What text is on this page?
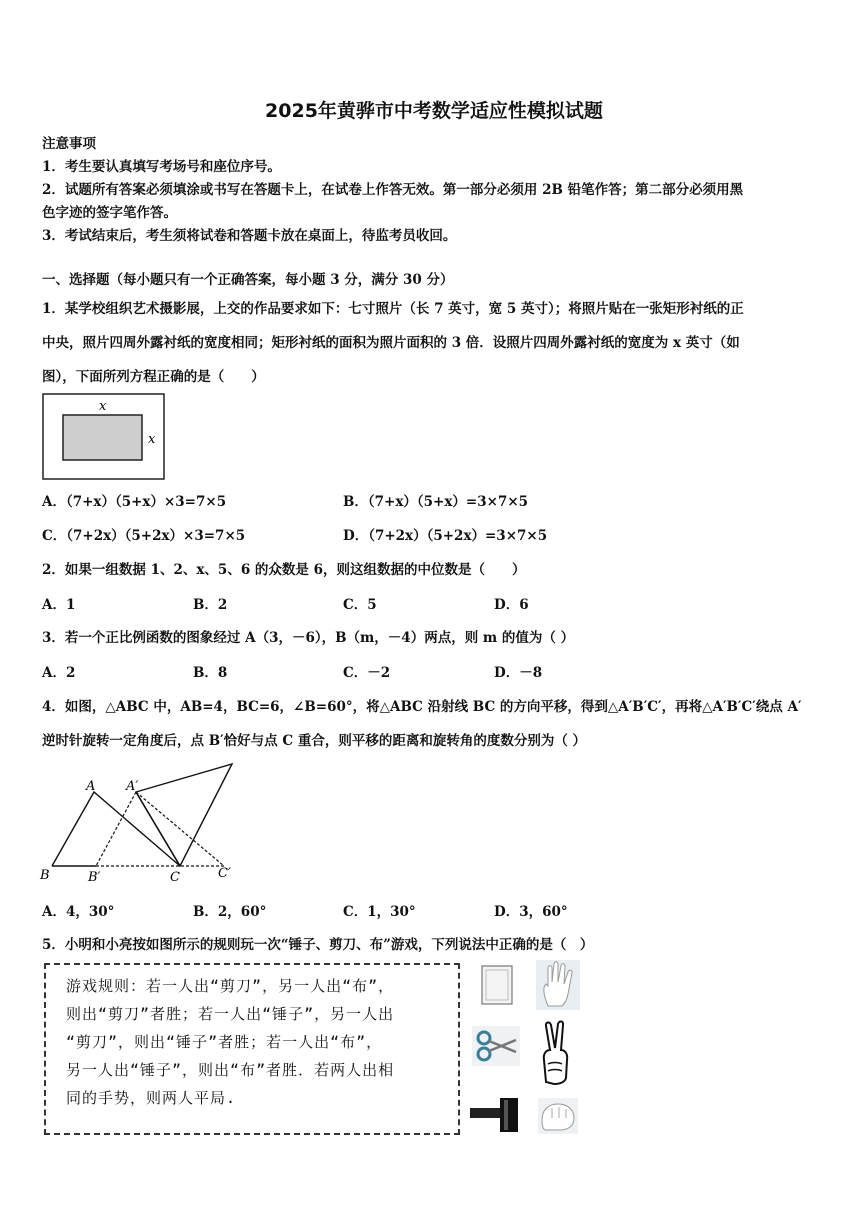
2025年黄骅市中考数学适应性模拟试题
注意事项
1．考生要认真填写考场号和座位序号。
2．试题所有答案必须填涂或书写在答题卡上，在试卷上作答无效。第一部分必须用 2B 铅笔作答；第二部分必须用黑
色字迹的签字笔作答。
3．考试结束后，考生须将试卷和答题卡放在桌面上，待监考员收回。
一、选择题（每小题只有一个正确答案，每小题 3 分，满分 30 分）
1．某学校组织艺术摄影展，上交的作品要求如下：七寸照片（长 7 英寸，宽 5 英寸）；将照片贴在一张矩形衬纸的正
中央，照片四周外露衬纸的宽度相同；矩形衬纸的面积为照片面积的 3 倍．设照片四周外露衬纸的宽度为 x 英寸（如
图），下面所列方程正确的是（　　）
x
x
A．（7+x）（5+x）×3=7×5	B．（7+x）（5+x）=3×7×5
C．（7+2x）（5+2x）×3=7×5	D．（7+2x）（5+2x）=3×7×5
2．如果一组数据 1、2、x、5、6 的众数是 6，则这组数据的中位数是（　　）
A．1	B．2	C．5	D．6
3．若一个正比例函数的图象经过 A（3，－6），B（m，－4）两点，则 m 的值为（ ）
A．2	B．8	C．－2	D．－8
4．如图，△ABC 中，AB=4，BC=6，∠B=60°，将△ABC 沿射线 BC 的方向平移，得到△A′B′C′，再将△A′B′C′绕点 A′
逆时针旋转一定角度后，点 B′恰好与点 C 重合，则平移的距离和旋转角的度数分别为（ ）
A A′
B	B′	C	C′
A．4，30°	B．2，60°	C．1，30°	D．3，60°
5．小明和小亮按如图所示的规则玩一次“锤子、剪刀、布”游戏，下列说法中正确的是（　）
游戏规则：若一人出“剪刀”，另一人出“布”，
则出“剪刀”者胜；若一人出“锤子”，另一人出
“剪刀”，则出“锤子”者胜；若一人出“布”，
另一人出“锤子”，则出“布”者胜．若两人出相
同的手势，则两人平局.
